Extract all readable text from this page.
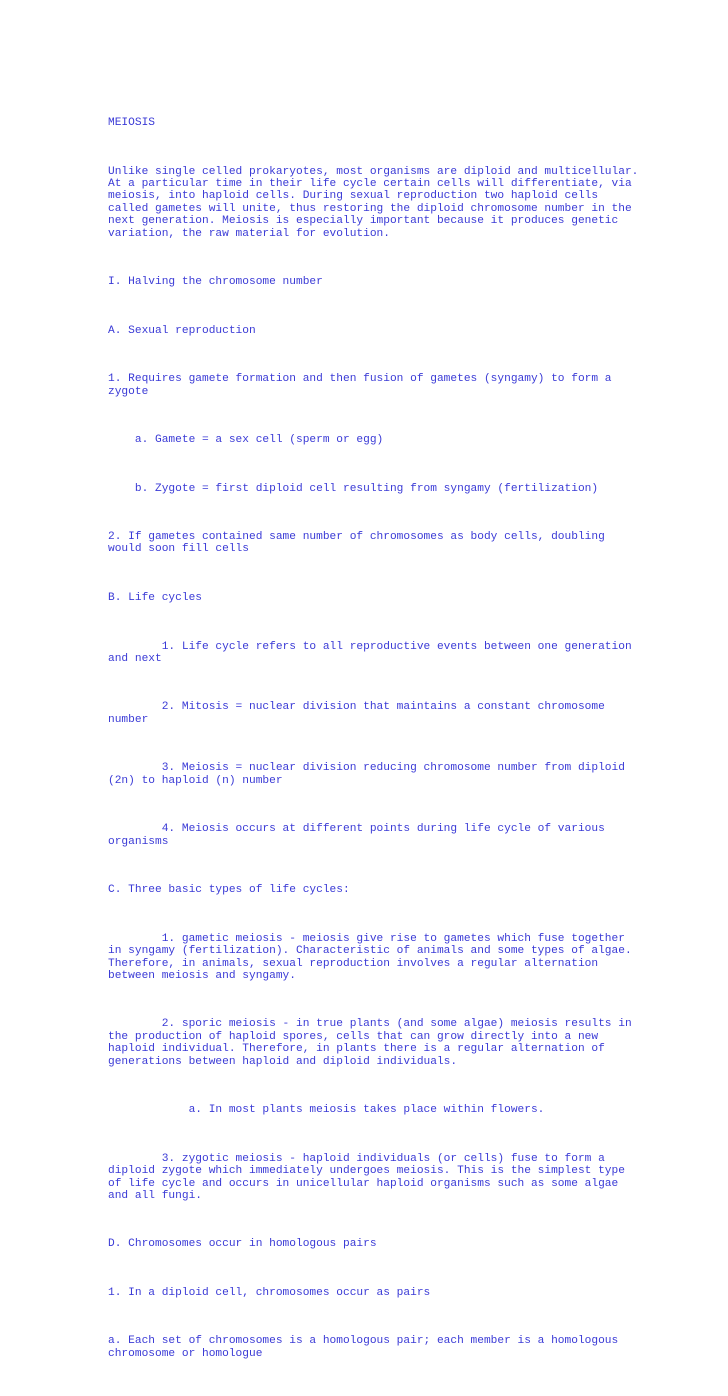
MEIOSIS

Unlike single celled prokaryotes, most organisms are diploid and multicellular.
At a particular time in their life cycle certain cells will differentiate, via
meiosis, into haploid cells. During sexual reproduction two haploid cells
called gametes will unite, thus restoring the diploid chromosome number in the
next generation. Meiosis is especially important because it produces genetic
variation, the raw material for evolution.

I. Halving the chromosome number

A. Sexual reproduction

1. Requires gamete formation and then fusion of gametes (syngamy) to form a
zygote

a. Gamete = a sex cell (sperm or egg)

b. Zygote = first diploid cell resulting from syngamy (fertilization)

2. If gametes contained same number of chromosomes as body cells, doubling
would soon fill cells

B. Life cycles

1. Life cycle refers to all reproductive events between one generation
and next

2. Mitosis = nuclear division that maintains a constant chromosome
number

3. Meiosis = nuclear division reducing chromosome number from diploid
(2n) to haploid (n) number

4. Meiosis occurs at different points during life cycle of various
organisms

C. Three basic types of life cycles:

1. gametic meiosis - meiosis give rise to gametes which fuse together
in syngamy (fertilization). Characteristic of animals and some types of algae.
Therefore, in animals, sexual reproduction involves a regular alternation
between meiosis and syngamy.

2. sporic meiosis - in true plants (and some algae) meiosis results in
the production of haploid spores, cells that can grow directly into a new
haploid individual. Therefore, in plants there is a regular alternation of
generations between haploid and diploid individuals.

a. In most plants meiosis takes place within flowers.

3. zygotic meiosis - haploid individuals (or cells) fuse to form a
diploid zygote which immediately undergoes meiosis. This is the simplest type
of life cycle and occurs in unicellular haploid organisms such as some algae
and all fungi.

D. Chromosomes occur in homologous pairs

1. In a diploid cell, chromosomes occur as pairs

a. Each set of chromosomes is a homologous pair; each member is a homologous
chromosome or homologue
